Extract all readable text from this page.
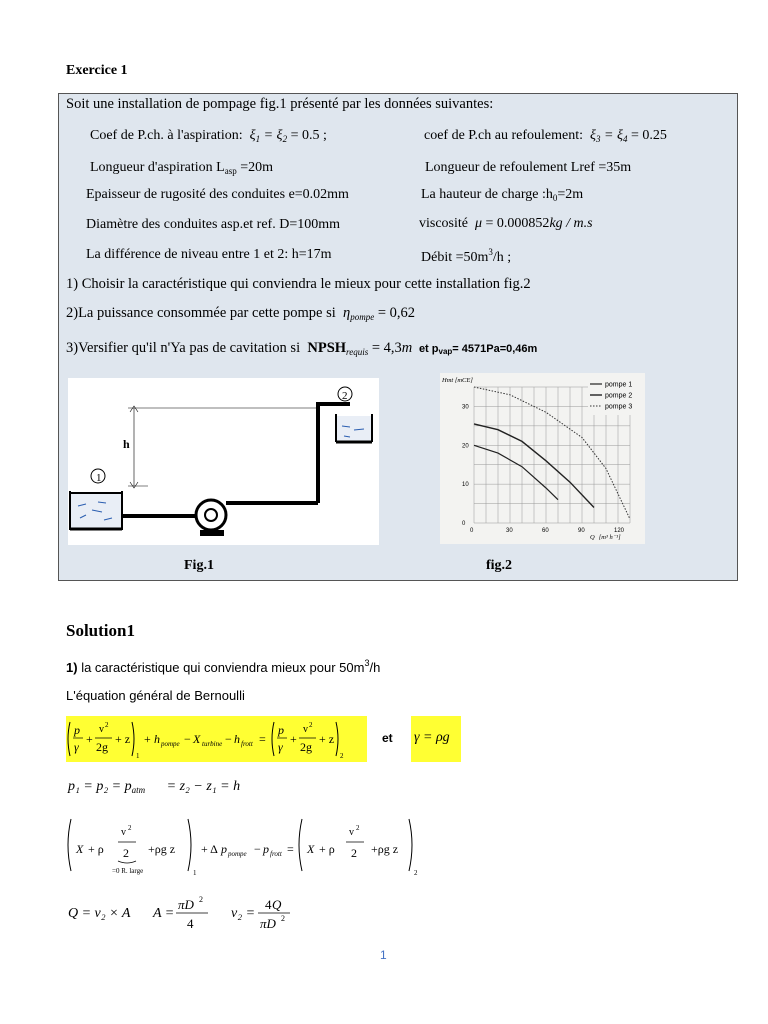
Exercice 1
Soit une installation de pompage fig.1 présenté par les données suivantes:
Coef de P.ch. à l'aspiration:  $\xi_1 = \xi_2 = 0.5$ ;	coef de P.ch au refoulement:  $\xi_3 = \xi_4 = 0.25$
Longueur d'aspiration $L_{asp} =20m$	Longueur de refoulement Lref =35m
Epaisseur de rugosité des conduites e=0.02mm	La hauteur de charge $:h_0=2m$
Diamètre des conduites asp.et ref. D=100mm	viscosité  μ = 0.000852kg / m.s
La différence de niveau entre 1 et 2: h=17m	Débit $=50m^3/h$ ;
1) Choisir la caractéristique qui conviendra le mieux pour cette installation fig.2
2)La puissance consommée par cette pompe si  $\eta_{pompe} = 0,62$
3)Versifier qu'il n'Ya pas de cavitation si $NPSH_{requis} = 4,3m$ et pvap= 4571Pa=0,46m
1
h
2
30
20
10
0
0	30	60	90	120
Hmt [mCE]
Q [m³ h⁻¹]
pompe 1
pompe 2
pompe 3
Fig.1	fig.2
Solution1
1) la caractéristique qui conviendra mieux pour $50m^3/h$
L'équation général de Bernoulli
p
γ
+
v 2
2g
+ z
1
+ h pompe − X turbine − h frott =
p
γ
+
v 2
2g
+ z
2
et γ = ρg
$p_1 = p_2 = p_{atm} = z_2 - z_1 = h$
X + ρ
v 2
2
=0 R. large
+ρg z
1
+ Δ p pompe − p frott = X + ρ
v 2
2 +ρg z
2
Q = v₂ × A A =
πD 2
4
v₂ =
4 Q
πD 2
1
